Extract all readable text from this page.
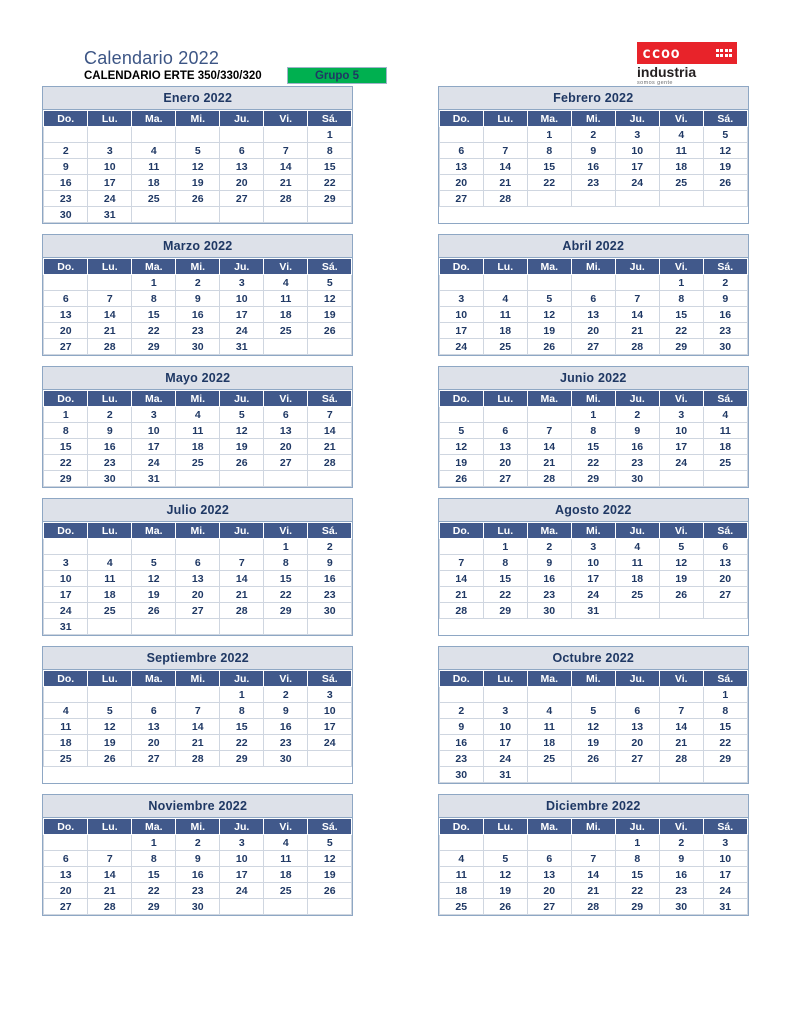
Calendario 2022
CALENDARIO ERTE 350/330/320	Grupo 5
ccoo
industria
somos gente
Enero 2022
Do.	Lu.	Ma.	Mi.	Ju.	Vi.	Sá.
						1
2	3	4	5	6	7	8
9	10	11	12	13	14	15
16	17	18	19	20	21	22
23	24	25	26	27	28	29
30	31					
Febrero 2022
Do.	Lu.	Ma.	Mi.	Ju.	Vi.	Sá.
		1	2	3	4	5
6	7	8	9	10	11	12
13	14	15	16	17	18	19
20	21	22	23	24	25	26
27	28					
Marzo 2022
Do.	Lu.	Ma.	Mi.	Ju.	Vi.	Sá.
		1	2	3	4	5
6	7	8	9	10	11	12
13	14	15	16	17	18	19
20	21	22	23	24	25	26
27	28	29	30	31		
Abril 2022
Do.	Lu.	Ma.	Mi.	Ju.	Vi.	Sá.
					1	2
3	4	5	6	7	8	9
10	11	12	13	14	15	16
17	18	19	20	21	22	23
24	25	26	27	28	29	30
Mayo 2022
Do.	Lu.	Ma.	Mi.	Ju.	Vi.	Sá.
1	2	3	4	5	6	7
8	9	10	11	12	13	14
15	16	17	18	19	20	21
22	23	24	25	26	27	28
29	30	31				
Junio 2022
Do.	Lu.	Ma.	Mi.	Ju.	Vi.	Sá.
			1	2	3	4
5	6	7	8	9	10	11
12	13	14	15	16	17	18
19	20	21	22	23	24	25
26	27	28	29	30		
Julio 2022
Do.	Lu.	Ma.	Mi.	Ju.	Vi.	Sá.
					1	2
3	4	5	6	7	8	9
10	11	12	13	14	15	16
17	18	19	20	21	22	23
24	25	26	27	28	29	30
31						
Agosto 2022
Do.	Lu.	Ma.	Mi.	Ju.	Vi.	Sá.
	1	2	3	4	5	6
7	8	9	10	11	12	13
14	15	16	17	18	19	20
21	22	23	24	25	26	27
28	29	30	31			
Septiembre 2022
Do.	Lu.	Ma.	Mi.	Ju.	Vi.	Sá.
				1	2	3
4	5	6	7	8	9	10
11	12	13	14	15	16	17
18	19	20	21	22	23	24
25	26	27	28	29	30	
Octubre 2022
Do.	Lu.	Ma.	Mi.	Ju.	Vi.	Sá.
						1
2	3	4	5	6	7	8
9	10	11	12	13	14	15
16	17	18	19	20	21	22
23	24	25	26	27	28	29
30	31					
Noviembre 2022
Do.	Lu.	Ma.	Mi.	Ju.	Vi.	Sá.
		1	2	3	4	5
6	7	8	9	10	11	12
13	14	15	16	17	18	19
20	21	22	23	24	25	26
27	28	29	30			
Diciembre 2022
Do.	Lu.	Ma.	Mi.	Ju.	Vi.	Sá.
				1	2	3
4	5	6	7	8	9	10
11	12	13	14	15	16	17
18	19	20	21	22	23	24
25	26	27	28	29	30	31
